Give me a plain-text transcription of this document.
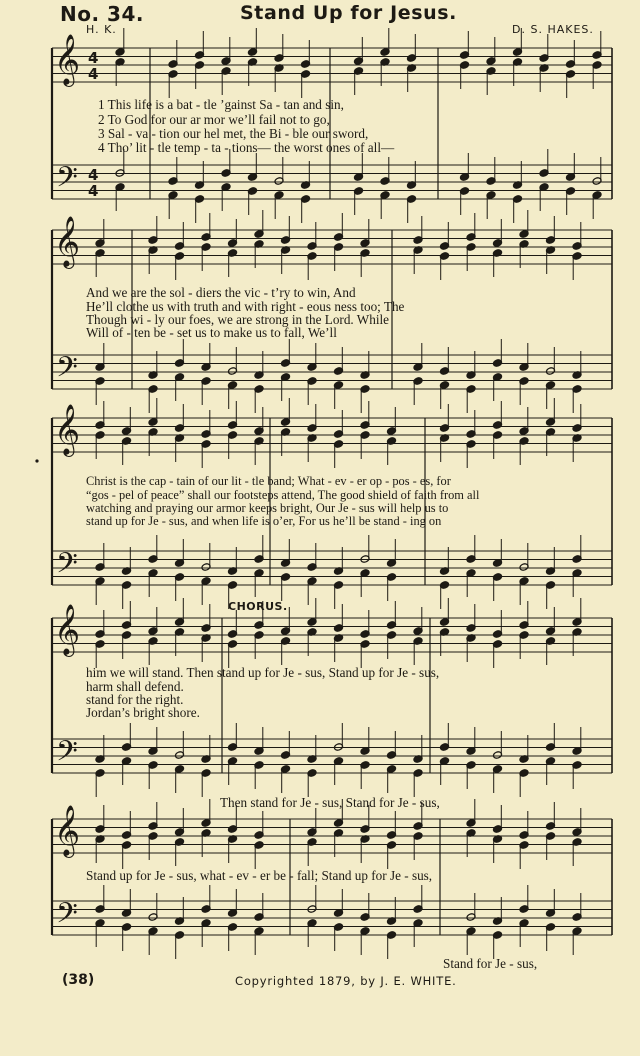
No. 34.	Stand Up for Jesus.
H. K.	D. S. HAKES.
1 This life is a bat - tle ’gainst Sa - tan and sin,
2 To God for our ar mor we’ll fail not to go,
3 Sal - va - tion our hel met, the Bi - ble our sword,
4 Tho’ lit - tle temp - ta - tions— the worst ones of all—
And we are the sol - diers the vic - t’ry to win, And
He’ll clothe us with truth and with right - eous ness too; The
Though wi - ly our foes, we are strong in the Lord. While
Will of - ten be - set us to make us to fall, We’ll
Christ is the cap - tain of our lit - tle band; What - ev - er op - pos - es, for
“gos - pel of peace” shall our footsteps attend, The good shield of faith from all
watching and praying our armor keeps bright, Our Je - sus will help us to
stand up for Je - sus, and when life is o’er, For us he’ll be stand - ing on
CHORUS.
him we will stand. Then stand up for Je - sus, Stand up for Je - sus,
harm shall defend.
stand for the right.
Jordan’s bright shore.
Then stand for Je - sus, Stand for Je - sus,
Stand up for Je - sus, what - ev - er be - fall; Stand up for Je - sus,
Stand for Je - sus,
(38)	Copyrighted 1879, by J. E. WHITE.
𝄞
𝄢
4
4
4
4
𝄞
𝄢
𝄞
𝄢
𝄞
𝄢
𝄞
𝄢
